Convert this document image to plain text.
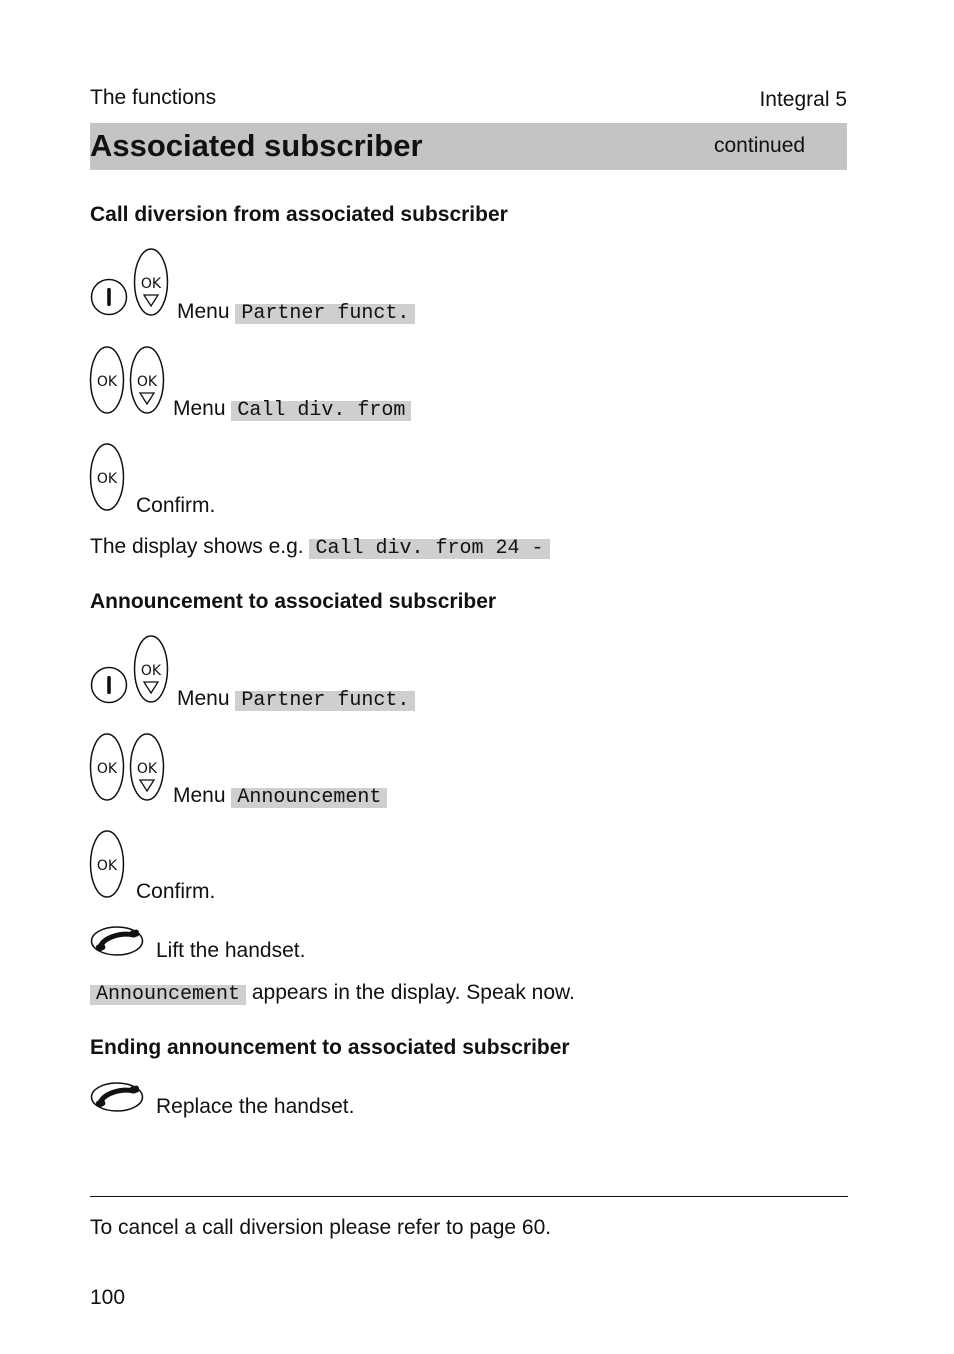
The functions	Integral 5
Associated subscriber	continued
Call diversion from associated subscriber
OK
Menu Partner funct.
OK OK
Menu Call div. from
OK
Confirm.
The display shows e.g. Call div. from 24 -
Announcement to associated subscriber
OK
Menu Partner funct.
OK OK
Menu Announcement
OK
Confirm.
Lift the handset.
Announcement appears in the display. Speak now.
Ending announcement to associated subscriber
Replace the handset.
To cancel a call diversion please refer to page 60.
100
